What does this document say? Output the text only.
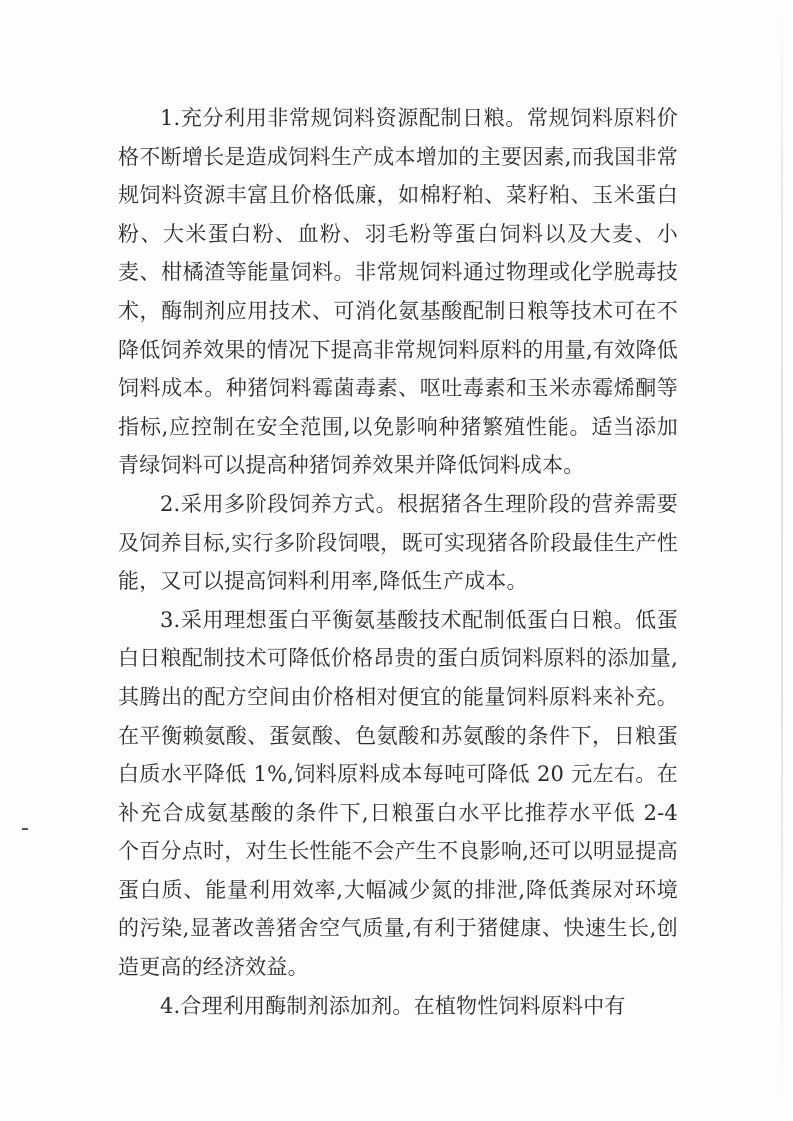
1.充分利用非常规饲料资源配制日粮。常规饲料原料价格不断增长是造成饲料生产成本增加的主要因素,而我国非常规饲料资源丰富且价格低廉，如棉籽粕、菜籽粕、玉米蛋白粉、大米蛋白粉、血粉、羽毛粉等蛋白饲料以及大麦、小麦、柑橘渣等能量饲料。非常规饲料通过物理或化学脱毒技术，酶制剂应用技术、可消化氨基酸配制日粮等技术可在不降低饲养效果的情况下提高非常规饲料原料的用量,有效降低饲料成本。种猪饲料霉菌毒素、呕吐毒素和玉米赤霉烯酮等指标,应控制在安全范围,以免影响种猪繁殖性能。适当添加青绿饲料可以提高种猪饲养效果并降低饲料成本。

2.采用多阶段饲养方式。根据猪各生理阶段的营养需要及饲养目标,实行多阶段饲喂，既可实现猪各阶段最佳生产性能，又可以提高饲料利用率,降低生产成本。

3.采用理想蛋白平衡氨基酸技术配制低蛋白日粮。低蛋白日粮配制技术可降低价格昂贵的蛋白质饲料原料的添加量,其腾出的配方空间由价格相对便宜的能量饲料原料来补充。在平衡赖氨酸、蛋氨酸、色氨酸和苏氨酸的条件下，日粮蛋白质水平降低 1%,饲料原料成本每吨可降低 20 元左右。在补充合成氨基酸的条件下,日粮蛋白水平比推荐水平低 2-4 个百分点时，对生长性能不会产生不良影响,还可以明显提高蛋白质、能量利用效率,大幅减少氮的排泄,降低粪尿对环境的污染,显著改善猪舍空气质量,有利于猪健康、快速生长,创造更高的经济效益。

4.合理利用酶制剂添加剂。在植物性饲料原料中有
